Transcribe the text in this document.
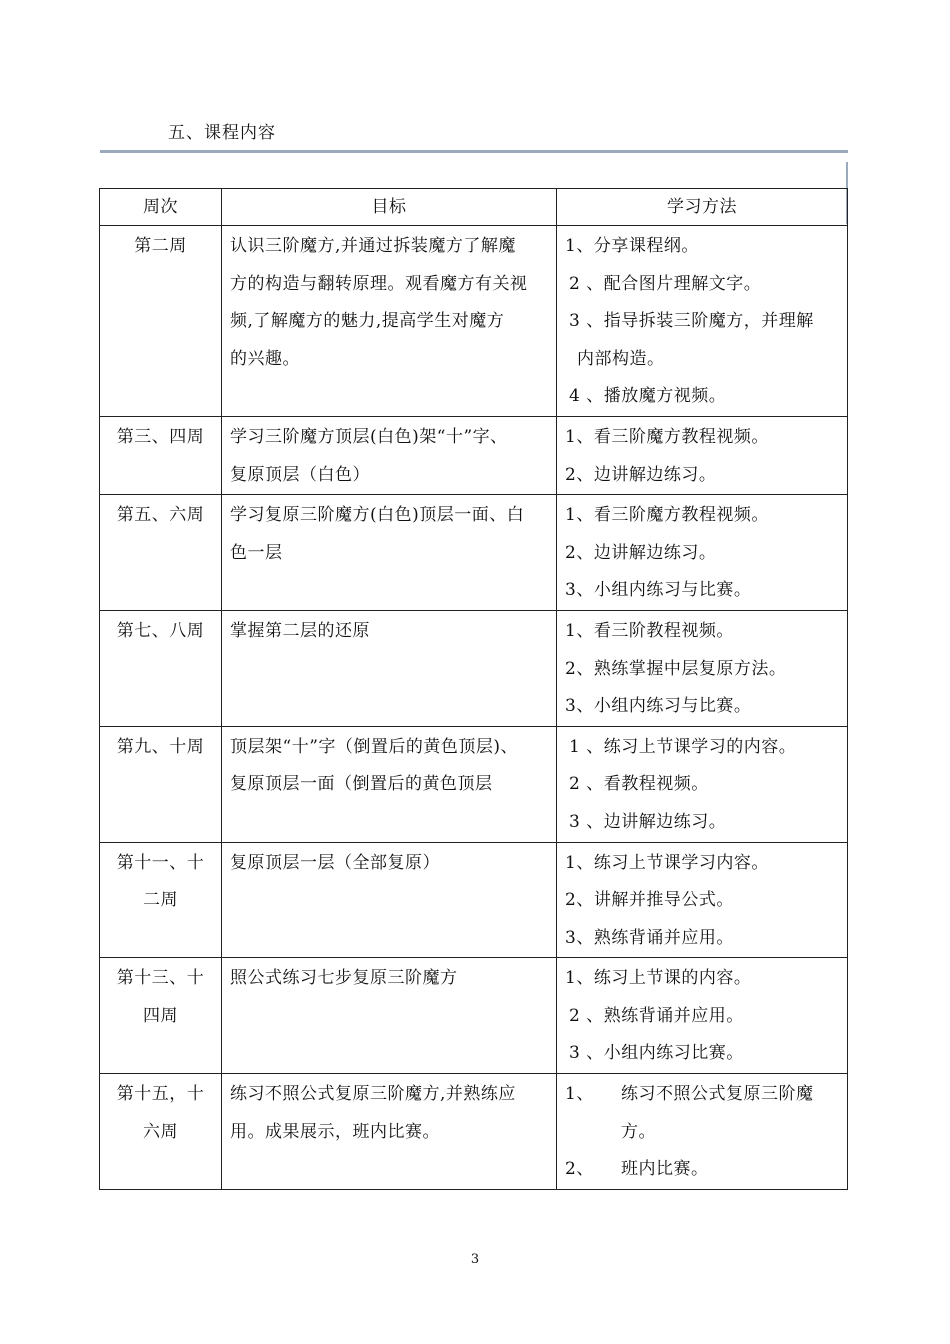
五、课程内容
周次	目标	学习方法

第二周	认识三阶魔方,并通过拆装魔方了解魔
方的构造与翻转原理。观看魔方有关视
频,了解魔方的魅力,提高学生对魔方
的兴趣。	1、分享课程纲。
2 、配合图片理解文字。
3 、指导拆装三阶魔方，并理解
内部构造。
4 、播放魔方视频。

第三、四周	学习三阶魔方顶层(白色)架“十”字、
复原顶层（白色）	1、看三阶魔方教程视频。
2、边讲解边练习。

第五、六周	学习复原三阶魔方(白色)顶层一面、白
色一层	1、看三阶魔方教程视频。
2、边讲解边练习。
3、小组内练习与比赛。

第七、八周	掌握第二层的还原	1、看三阶教程视频。
2、熟练掌握中层复原方法。
3、小组内练习与比赛。

第九、十周	顶层架“十”字（倒置后的黄色顶层)、
复原顶层一面（倒置后的黄色顶层	1 、练习上节课学习的内容。
2 、看教程视频。
3 、边讲解边练习。

第十一、十
二周	复原顶层一层（全部复原）	1、练习上节课学习内容。
2、讲解并推导公式。
3、熟练背诵并应用。

第十三、十
四周	照公式练习七步复原三阶魔方	1、练习上节课的内容。
2 、熟练背诵并应用。
3 、小组内练习比赛。

第十五，十
六周	练习不照公式复原三阶魔方,并熟练应
用。成果展示，班内比赛。	1、 练习不照公式复原三阶魔
方。
2、 班内比赛。
3
